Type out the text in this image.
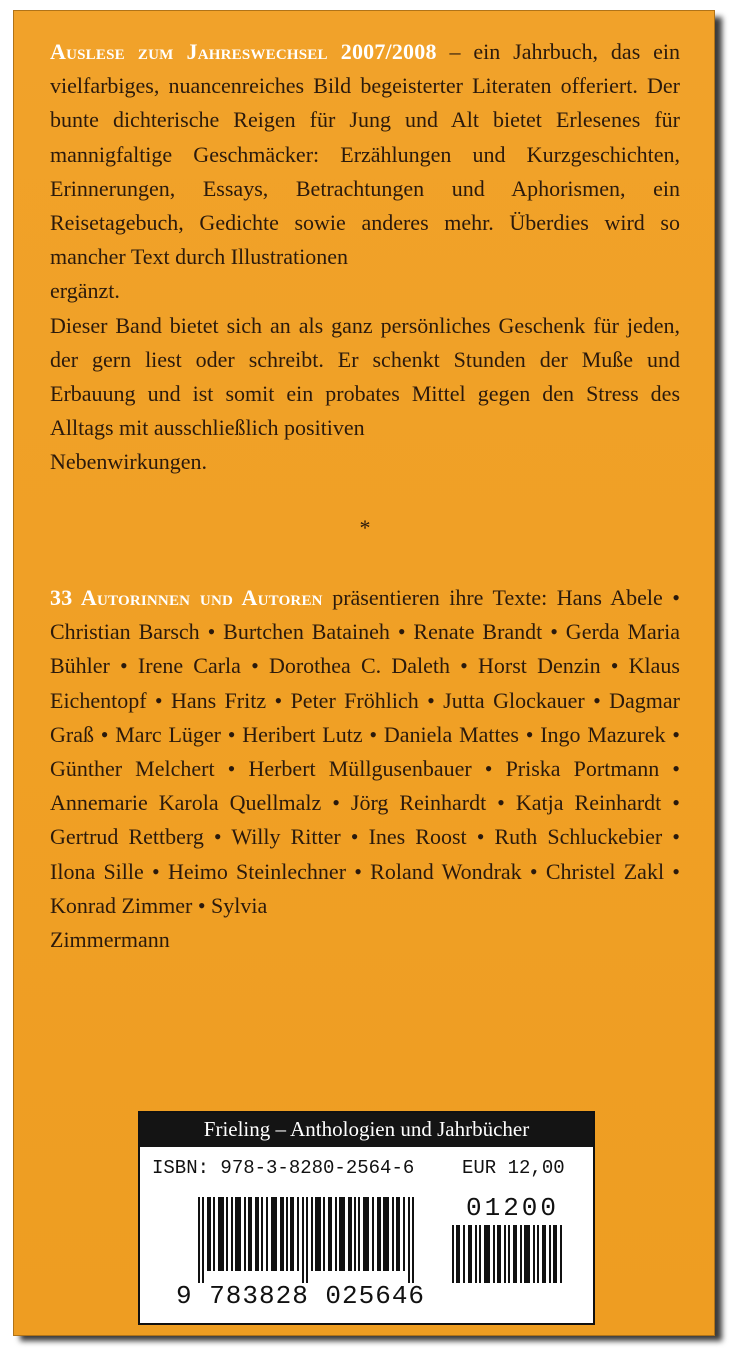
Auslese zum Jahreswechsel 2007/2008 – ein Jahrbuch, das ein vielfarbiges, nuancenreiches Bild begeisterter Literaten offeriert. Der bunte dichterische Reigen für Jung und Alt bietet Erlesenes für mannigfaltige Geschmäcker: Erzählungen und Kurzgeschichten, Erinnerungen, Essays, Betrachtungen und Aphorismen, ein Reisetagebuch, Gedichte sowie anderes mehr. Überdies wird so mancher Text durch Illustrationen
ergänzt.
Dieser Band bietet sich an als ganz persönliches Geschenk für jeden, der gern liest oder schreibt. Er schenkt Stunden der Muße und Erbauung und ist somit ein probates Mittel gegen den Stress des Alltags mit ausschließlich positiven
Nebenwirkungen.
*
33 Autorinnen und Autoren präsentieren ihre Texte: Hans Abele • Christian Barsch • Burtchen Bataineh • Renate Brandt • Gerda Maria Bühler • Irene Carla • Dorothea C. Daleth • Horst Denzin • Klaus Eichentopf • Hans Fritz • Peter Fröhlich • Jutta Glockauer • Dagmar Graß • Marc Lüger • Heribert Lutz • Daniela Mattes • Ingo Mazurek • Günther Melchert • Herbert Müllgusenbauer • Priska Portmann • Annemarie Karola Quellmalz • Jörg Reinhardt • Katja Reinhardt • Gertrud Rettberg • Willy Ritter • Ines Roost • Ruth Schluckebier • Ilona Sille • Heimo Steinlechner • Roland Wondrak • Christel Zakl • Konrad Zimmer • Sylvia
Zimmermann
Frieling – Anthologien und Jahrbücher
ISBN: 978-3-8280-2564-6	EUR 12,00
01200
9 783828 025646
